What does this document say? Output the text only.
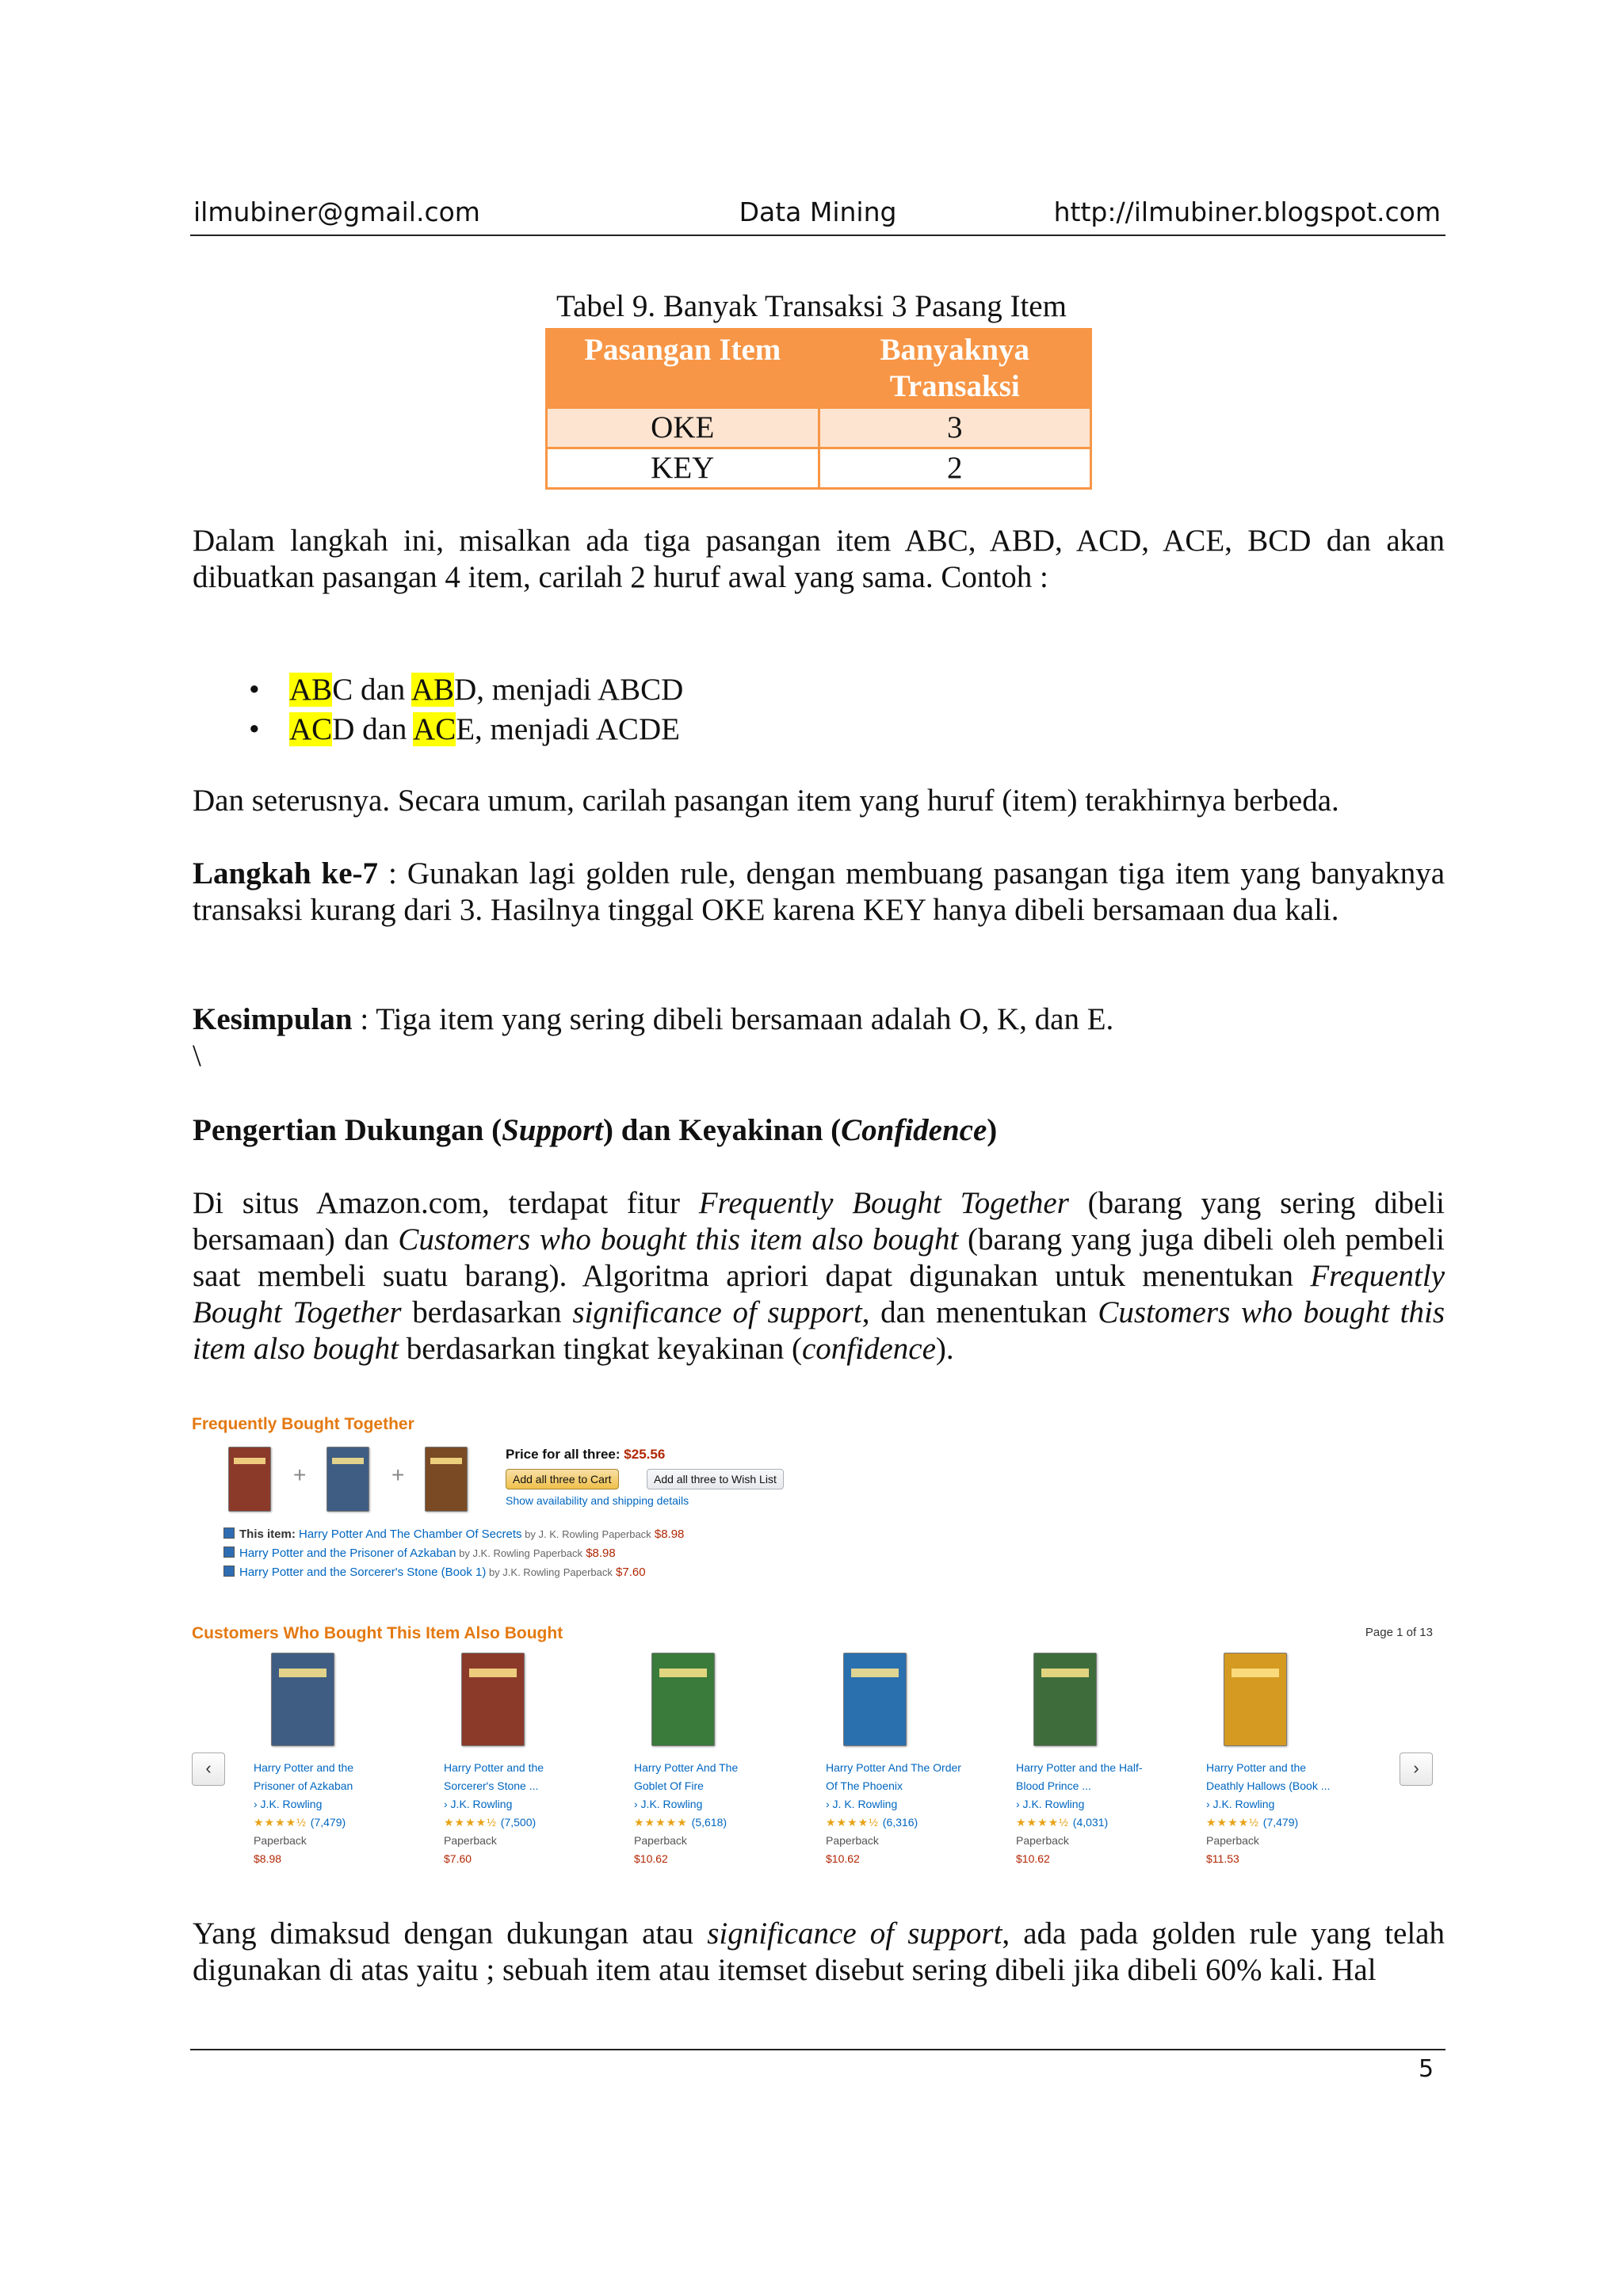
ilmubiner@gmail.com	Data Mining	http://ilmubiner.blogspot.com
Tabel 9. Banyak Transaksi 3 Pasang Item
Pasangan Item	Banyaknya Transaksi
OKE	3
KEY	2
Dalam langkah ini, misalkan ada tiga pasangan item ABC, ABD, ACD, ACE, BCD dan akan dibuatkan pasangan 4 item, carilah 2 huruf awal yang sama. Contoh :
• ABC dan ABD, menjadi ABCD
• ACD dan ACE, menjadi ACDE
Dan seterusnya. Secara umum, carilah pasangan item yang huruf (item) terakhirnya berbeda.
Langkah ke-7 : Gunakan lagi golden rule, dengan membuang pasangan tiga item yang banyaknya transaksi kurang dari 3. Hasilnya tinggal OKE karena KEY hanya dibeli bersamaan dua kali.
Kesimpulan : Tiga item yang sering dibeli bersamaan adalah O, K, dan E.
\
Pengertian Dukungan (Support) dan Keyakinan (Confidence)
Di situs Amazon.com, terdapat fitur Frequently Bought Together (barang yang sering dibeli bersamaan) dan Customers who bought this item also bought (barang yang juga dibeli oleh pembeli saat membeli suatu barang). Algoritma apriori dapat digunakan untuk menentukan Frequently Bought Together berdasarkan significance of support, dan menentukan Customers who bought this item also bought berdasarkan tingkat keyakinan (confidence).
Frequently Bought Together
+	+
Price for all three: $25.56
Add all three to Cart	Add all three to Wish List
Show availability and shipping details
This item: Harry Potter And The Chamber Of Secrets by J. K. Rowling Paperback $8.98
Harry Potter and the Prisoner of Azkaban by J.K. Rowling Paperback $8.98
Harry Potter and the Sorcerer's Stone (Book 1) by J.K. Rowling Paperback $7.60
Customers Who Bought This Item Also Bought	Page 1 of 13
‹	›
Harry Potter and the
Prisoner of Azkaban
› J.K. Rowling
★★★★½ (7,479)
Paperback
$8.98
Harry Potter and the
Sorcerer's Stone ...
› J.K. Rowling
★★★★½ (7,500)
Paperback
$7.60
Harry Potter And The
Goblet Of Fire
› J.K. Rowling
★★★★★ (5,618)
Paperback
$10.62
Harry Potter And The Order
Of The Phoenix
› J. K. Rowling
★★★★½ (6,316)
Paperback
$10.62
Harry Potter and the Half-
Blood Prince ...
› J.K. Rowling
★★★★½ (4,031)
Paperback
$10.62
Harry Potter and the
Deathly Hallows (Book ...
› J.K. Rowling
★★★★½ (7,479)
Paperback
$11.53
Yang dimaksud dengan dukungan atau significance of support, ada pada golden rule yang telah digunakan di atas yaitu ; sebuah item atau itemset disebut sering dibeli jika dibeli 60% kali. Hal
5
